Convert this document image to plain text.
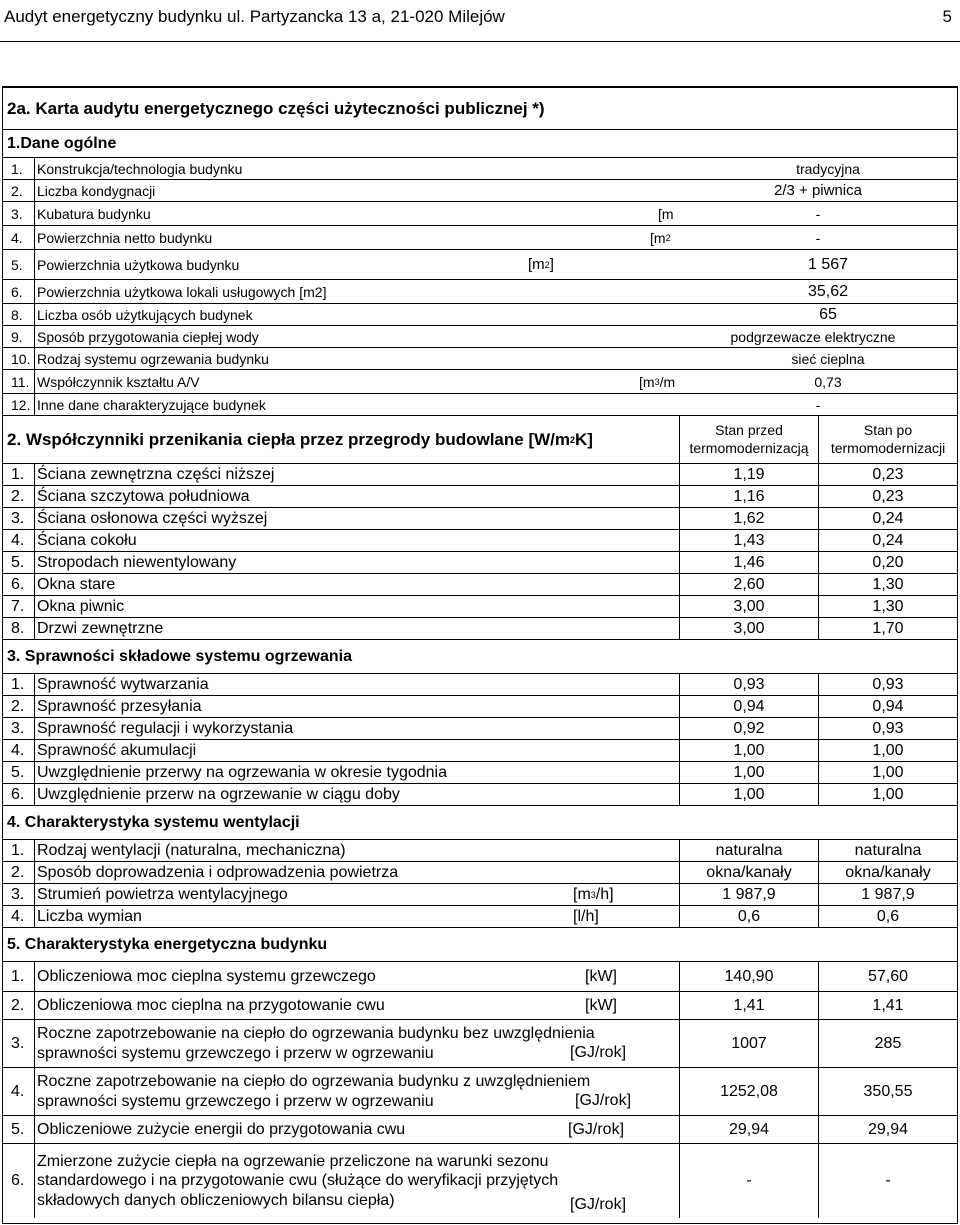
Audyt energetyczny budynku ul. Partyzancka 13 a, 21-020 Milejów	5
2a. Karta audytu energetycznego części użyteczności publicznej *)
1.Dane ogólne
1.	Konstrukcja/technologia budynku	tradycyjna
2.	Liczba kondygnacji	2/3 + piwnica
3.	Kubatura budynku	[m	-
4.	Powierzchnia netto budynku	[m 2	-
5.	Powierzchnia użytkowa budynku	[m 2 ]	1 567
6.	Powierzchnia użytkowa lokali usługowych [m2]	35,62
8.	Liczba osób użytkujących budynek	65
9.	Sposób przygotowania ciepłej wody	podgrzewacze elektryczne
10. Rodzaj systemu ogrzewania budynku	sieć cieplna
11. Współczynnik kształtu A/V	[m 3 /m	0,73
12. Inne dane charakteryzujące budynek	-
2. Współczynniki przenikania ciepła przez przegrody budowlane [W/m 2 K]	Stan przed
termomodernizacją
Stan po
termomodernizacji
1. Ściana zewnętrzna części niższej	1,19	0,23
2. Ściana szczytowa południowa	1,16	0,23
3. Ściana osłonowa części wyższej	1,62	0,24
4. Ściana cokołu	1,43	0,24
5. Stropodach niewentylowany	1,46	0,20
6. Okna stare	2,60	1,30
7. Okna piwnic	3,00	1,30
8. Drzwi zewnętrzne	3,00	1,70
3. Sprawności składowe systemu ogrzewania
1. Sprawność wytwarzania	0,93	0,93
2. Sprawność przesyłania	0,94	0,94
3. Sprawność regulacji i wykorzystania	0,92	0,93
4. Sprawność akumulacji	1,00	1,00
5. Uwzględnienie przerwy na ogrzewania w okresie tygodnia	1,00	1,00
6. Uwzględnienie przerw na ogrzewanie w ciągu doby	1,00	1,00
4. Charakterystyka systemu wentylacji
1. Rodzaj wentylacji (naturalna, mechaniczna)	naturalna	naturalna
2. Sposób doprowadzenia i odprowadzenia powietrza	okna/kanały	okna/kanały
3. Strumień powietrza wentylacyjnego	[m 3 /h]	1 987,9	1 987,9
4. Liczba wymian	[l/h]	0,6	0,6
5. Charakterystyka energetyczna budynku
1. Obliczeniowa moc cieplna systemu grzewczego	[kW]	140,90	57,60
2. Obliczeniowa moc cieplna na przygotowanie cwu	[kW]	1,41	1,41
3.
Roczne zapotrzebowanie na ciepło do ogrzewania budynku bez uwzględnienia
sprawności systemu grzewczego i przerw w ogrzewaniu	[GJ/rok]
1007	285
4.
Roczne zapotrzebowanie na ciepło do ogrzewania budynku z uwzględnieniem
sprawności systemu grzewczego i przerw w ogrzewaniu	[GJ/rok]
1252,08	350,55
5. Obliczeniowe zużycie energii do przygotowania cwu	[GJ/rok]	29,94	29,94
6.
Zmierzone zużycie ciepła na ogrzewanie przeliczone na warunki sezonu
standardowego i na przygotowanie cwu (służące do weryfikacji przyjętych
składowych danych obliczeniowych bilansu ciepła)	[GJ/rok]
-	-
